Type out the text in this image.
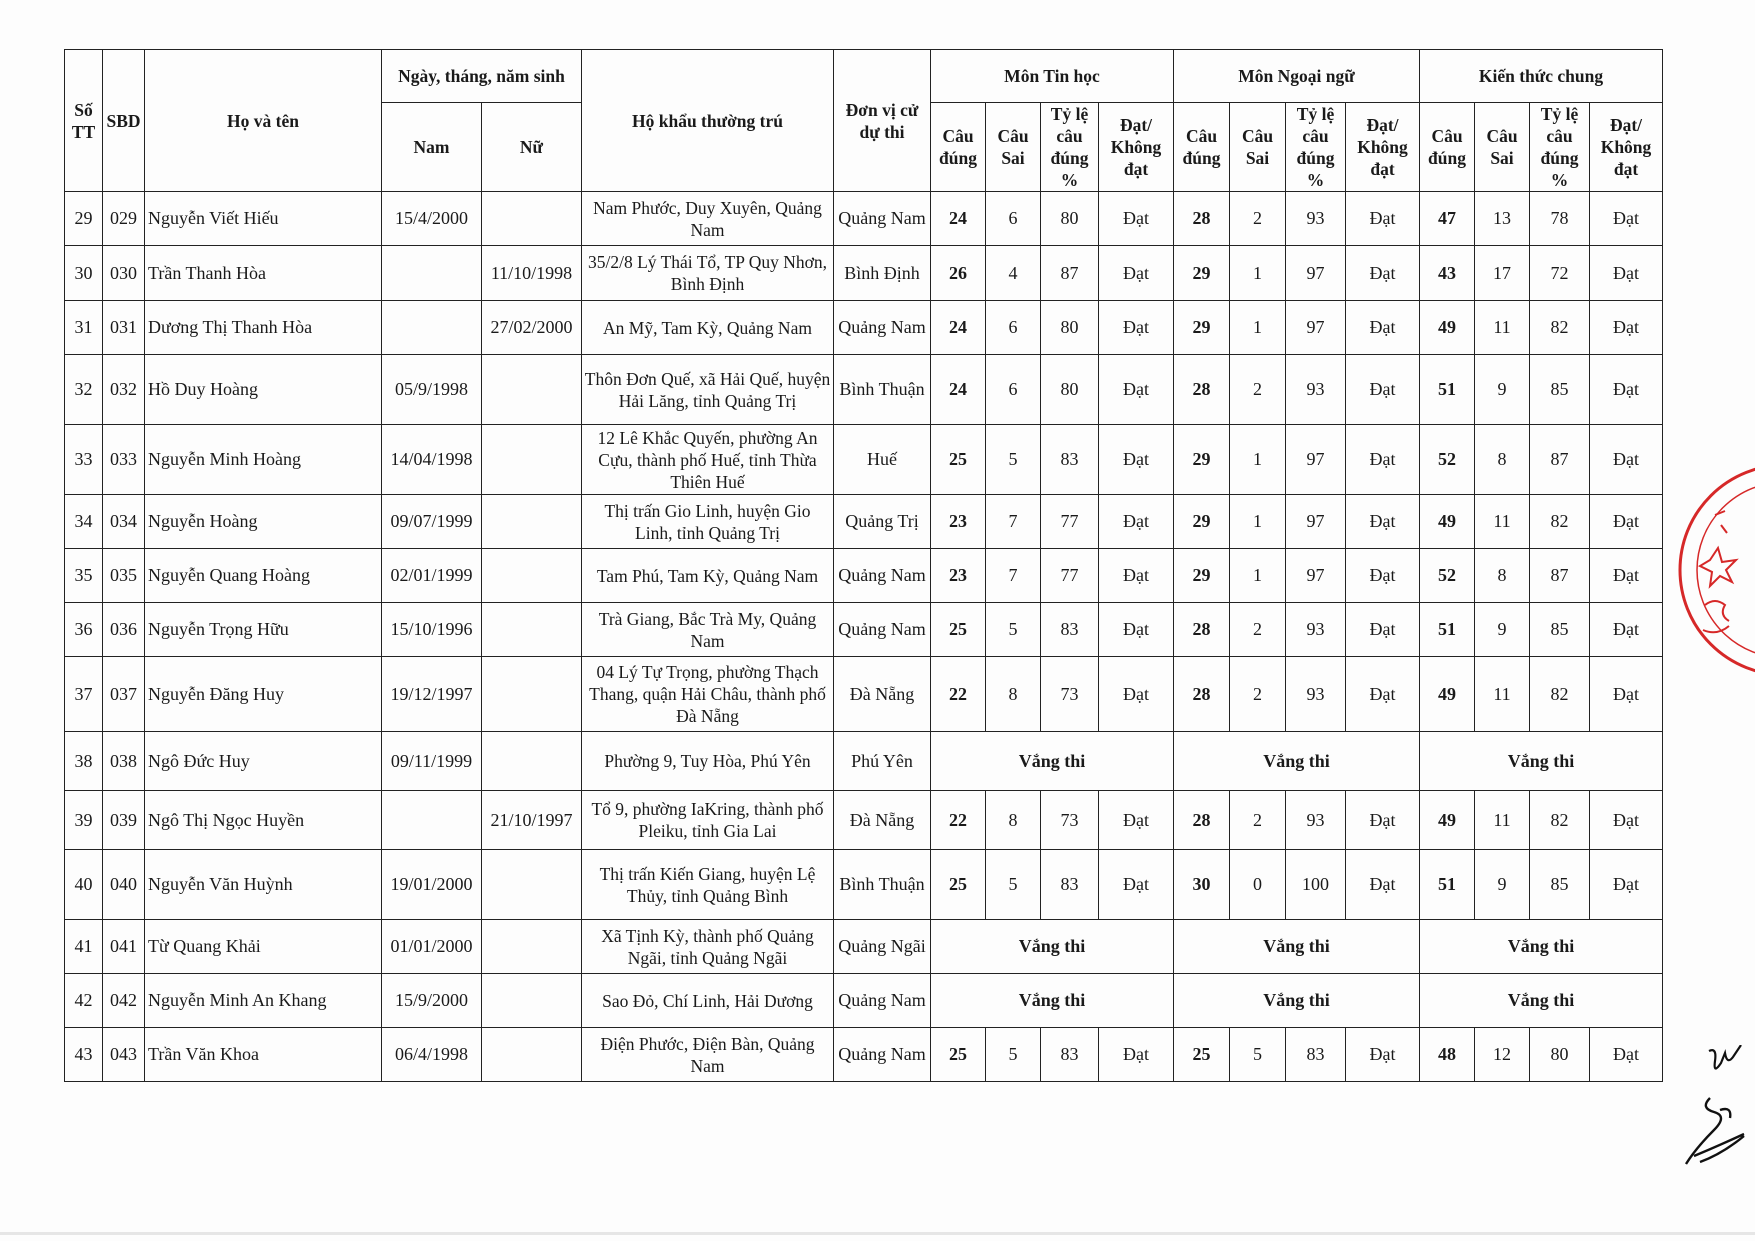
Số TT	SBD	Họ và tên	Ngày, tháng, năm sinh		Hộ khẩu thường trú	Đơn vị cử dự thi	Môn Tin học				Môn Ngoại ngữ				Kiến thức chung			
			Nam	Nữ			Câu đúng	Câu Sai	Tỷ lệ câu đúng %	Đạt/ Không đạt	Câu đúng	Câu Sai	Tỷ lệ câu đúng %	Đạt/ Không đạt	Câu đúng	Câu Sai	Tỷ lệ câu đúng %	Đạt/ Không đạt
29	029	Nguyễn Viết Hiếu	15/4/2000		Nam Phước, Duy Xuyên, Quảng Nam	Quảng Nam	24	6	80	Đạt	28	2	93	Đạt	47	13	78	Đạt
30	030	Trần Thanh Hòa		11/10/1998	35/2/8 Lý Thái Tổ, TP Quy Nhơn, Bình Định	Bình Định	26	4	87	Đạt	29	1	97	Đạt	43	17	72	Đạt
31	031	Dương Thị Thanh Hòa		27/02/2000	An Mỹ, Tam Kỳ, Quảng Nam	Quảng Nam	24	6	80	Đạt	29	1	97	Đạt	49	11	82	Đạt
32	032	Hồ Duy Hoàng	05/9/1998		Thôn Đơn Quế, xã Hải Quế, huyện Hải Lăng, tỉnh Quảng Trị	Bình Thuận	24	6	80	Đạt	28	2	93	Đạt	51	9	85	Đạt
33	033	Nguyễn Minh Hoàng	14/04/1998		12 Lê Khắc Quyến, phường An Cựu, thành phố Huế, tỉnh Thừa Thiên Huế	Huế	25	5	83	Đạt	29	1	97	Đạt	52	8	87	Đạt
34	034	Nguyễn Hoàng	09/07/1999		Thị trấn Gio Linh, huyện Gio Linh, tỉnh Quảng Trị	Quảng Trị	23	7	77	Đạt	29	1	97	Đạt	49	11	82	Đạt
35	035	Nguyễn Quang Hoàng	02/01/1999		Tam Phú, Tam Kỳ, Quảng Nam	Quảng Nam	23	7	77	Đạt	29	1	97	Đạt	52	8	87	Đạt
36	036	Nguyễn Trọng Hữu	15/10/1996		Trà Giang, Bắc Trà My, Quảng Nam	Quảng Nam	25	5	83	Đạt	28	2	93	Đạt	51	9	85	Đạt
37	037	Nguyễn Đăng Huy	19/12/1997		04 Lý Tự Trọng, phường Thạch Thang, quận Hải Châu, thành phố Đà Nẵng	Đà Nẵng	22	8	73	Đạt	28	2	93	Đạt	49	11	82	Đạt
38	038	Ngô Đức Huy	09/11/1999		Phường 9, Tuy Hòa, Phú Yên	Phú Yên	Vắng thi				Vắng thi				Vắng thi			
39	039	Ngô Thị Ngọc Huyền		21/10/1997	Tổ 9, phường IaKring, thành phố Pleiku, tỉnh Gia Lai	Đà Nẵng	22	8	73	Đạt	28	2	93	Đạt	49	11	82	Đạt
40	040	Nguyễn Văn Huỳnh	19/01/2000		Thị trấn Kiến Giang, huyện Lệ Thủy, tỉnh Quảng Bình	Bình Thuận	25	5	83	Đạt	30	0	100	Đạt	51	9	85	Đạt
41	041	Từ Quang Khải	01/01/2000		Xã Tịnh Kỳ, thành phố Quảng Ngãi, tỉnh Quảng Ngãi	Quảng Ngãi	Vắng thi				Vắng thi				Vắng thi			
42	042	Nguyễn Minh An Khang	15/9/2000		Sao Đỏ, Chí Linh, Hải Dương	Quảng Nam	Vắng thi				Vắng thi				Vắng thi			
43	043	Trần Văn Khoa	06/4/1998		Điện Phước, Điện Bàn, Quảng Nam	Quảng Nam	25	5	83	Đạt	25	5	83	Đạt	48	12	80	Đạt
